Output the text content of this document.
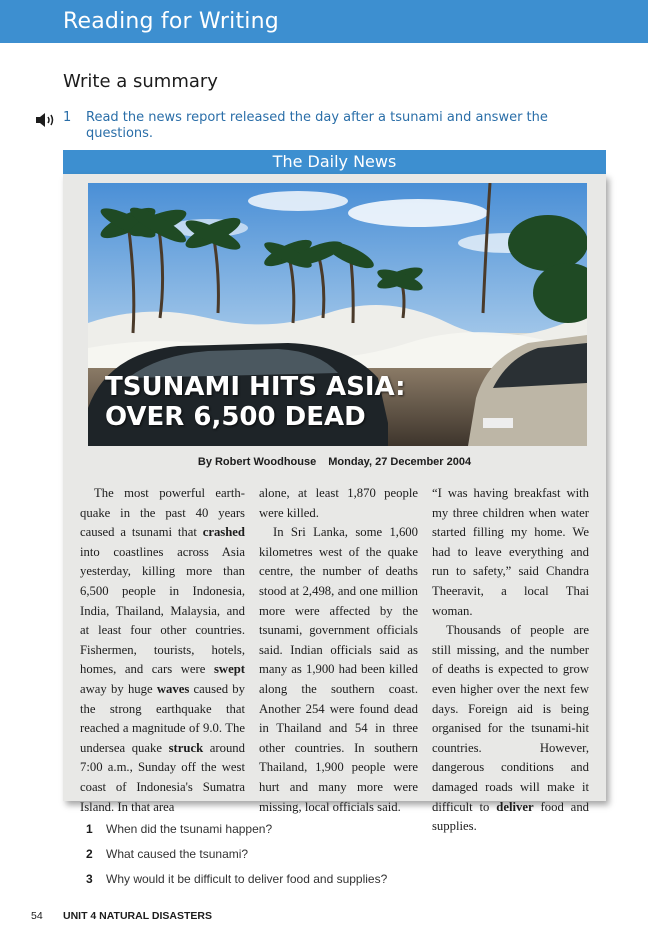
Reading for Writing
Write a summary
1 Read the news report released the day after a tsunami and answer the questions.
The Daily News
TSUNAMI HITS ASIA:
OVER 6,500 DEAD
By Robert Woodhouse Monday, 27 December 2004

The most powerful earth-quake in the past 40 years caused a tsunami that crashed into coastlines across Asia yesterday, killing more than 6,500 people in Indonesia, India, Thailand, Malaysia, and at least four other countries. Fishermen, tourists, hotels, homes, and cars were swept away by huge waves caused by the strong earthquake that reached a magnitude of 9.0. The undersea quake struck around 7:00 a.m., Sunday off the west coast of Indonesia's Sumatra Island. In that area

alone, at least 1,870 people were killed.

In Sri Lanka, some 1,600 kilometres west of the quake centre, the number of deaths stood at 2,498, and one million more were affected by the tsunami, government officials said. Indian officials said as many as 1,900 had been killed along the southern coast. Another 254 were found dead in Thailand and 54 in three other countries. In southern Thailand, 1,900 people were hurt and many more were missing, local officials said.

“I was having breakfast with my three children when water started filling my home. We had to leave everything and run to safety,” said Chandra Theeravit, a local Thai woman.

Thousands of people are still missing, and the number of deaths is expected to grow even higher over the next few days. Foreign aid is being organised for the tsunami-hit countries. However, dangerous conditions and damaged roads will make it difficult to deliver food and supplies.

1 When did the tsunami happen?
2 What caused the tsunami?
3 Why would it be difficult to deliver food and supplies?
54 UNIT 4 NATURAL DISASTERS
